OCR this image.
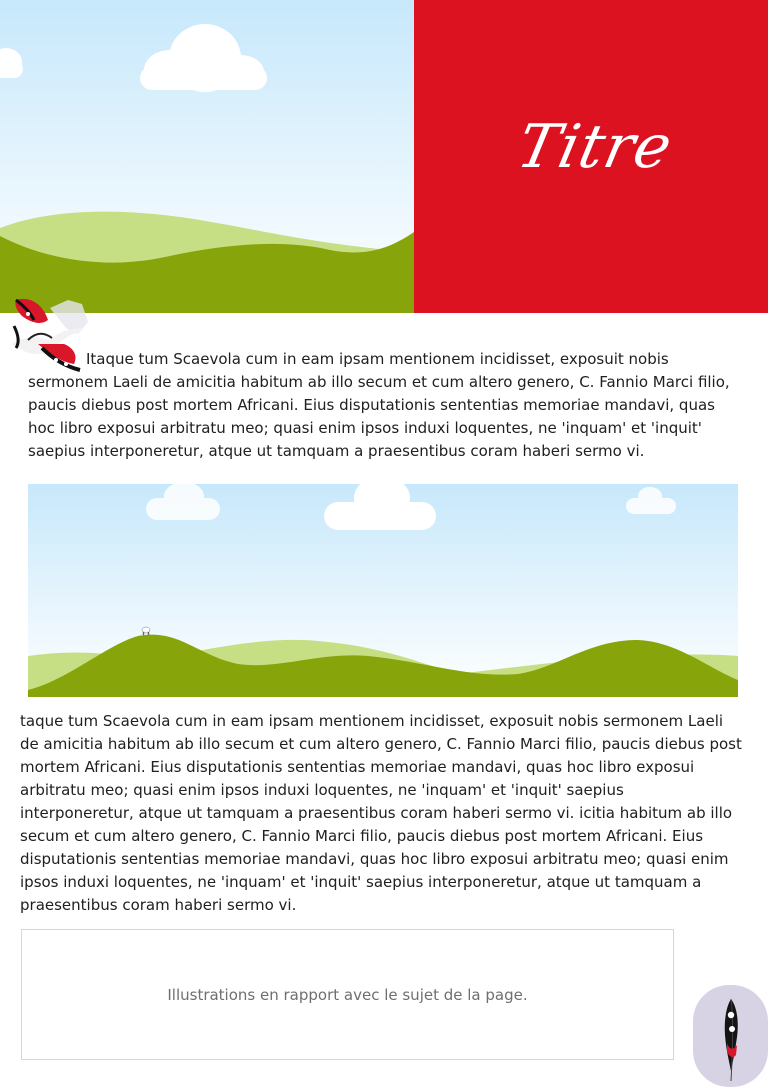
Titre

Itaque tum Scaevola cum in eam ipsam mentionem incidisset, exposuit nobis sermonem Laeli de amicitia habitum ab illo secum et cum altero genero, C. Fannio Marci filio, paucis diebus post mortem Africani. Eius disputationis sententias memoriae mandavi, quas hoc libro exposui arbitratu meo; quasi enim ipsos induxi loquentes, ne 'inquam' et 'inquit' saepius interponeretur, atque ut tamquam a praesentibus coram haberi sermo vi.

taque tum Scaevola cum in eam ipsam mentionem incidisset, exposuit nobis sermonem Laeli de amicitia habitum ab illo secum et cum altero genero, C. Fannio Marci filio, paucis diebus post mortem Africani. Eius disputationis sententias memoriae mandavi, quas hoc libro exposui arbitratu meo; quasi enim ipsos induxi loquentes, ne 'inquam' et 'inquit' saepius interponeretur, atque ut tamquam a praesentibus coram haberi sermo vi. icitia habitum ab illo secum et cum altero genero, C. Fannio Marci filio, paucis diebus post mortem Africani. Eius disputationis sententias memoriae mandavi, quas hoc libro exposui arbitratu meo; quasi enim ipsos induxi loquentes, ne 'inquam' et 'inquit' saepius interponeretur, atque ut tamquam a praesentibus coram haberi sermo vi.

Illustrations en rapport avec le sujet de la page.
